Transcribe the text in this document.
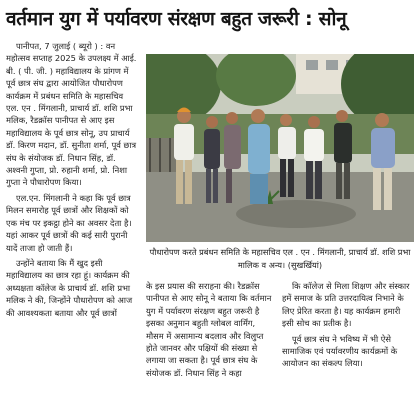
वर्तमान युग में पर्यावरण संरक्षण बहुत जरूरी : सोनू

पानीपत, 7 जुलाई ( ब्यूरो ) : वन महोत्सव सप्ताह 2025 के उपलक्ष्य में आई. बी. ( पी. जी. ) महाविद्यालय के प्रांगण में पूर्व छात्र संघ द्वारा आयोजित पौधारोपण कार्यक्रम में प्रबंधन समिति के महासचिव एल. एन . मिंगलानी, प्राचार्य डॉ. शशि प्रभा मलिक, रैडक्रॉस पानीपत से आए इस महाविद्यालय के पूर्व छात्र सोनू, उप प्राचार्य डॉ. किरण मदान, डॉ. सुनीता शर्मा, पूर्व छात्र संघ के संयोजक डॉ. निधान सिंह, डॉ. अश्वनी गुप्ता, प्रो. रुहानी शर्मा, प्रो. निशा गुप्ता ने पौधारोपण किया।

एल.एन. मिंगलानी ने कहा कि पूर्व छात्र मिलन समारोह पूर्व छात्रों और शिक्षकों को एक मंच पर इकट्ठा होने का अवसर देता है। यहां आकर पूर्व छात्रों की कई सारी पुरानी यादें ताजा हो जाती हैं।

उन्होंने बताया कि मैं खुद इसी महाविद्यालय का छात्र रहा हूं। कार्यक्रम की अध्यक्षता कॉलेज के प्राचार्य डॉ. शशि प्रभा मलिक ने की, जिन्होंने पौधारोपण को आज की आवश्यकता बताया और पूर्व छात्रों

पौधारोपण करते प्रबंधन समिति के महासचिव एल . एन . मिंगलानी, प्राचार्य डॉ. शशि प्रभा मालिक व अन्य। (सुखर्खियां)
के इस प्रयास की सराहना की। रैडक्रॉस पानीपत से आए सोनू ने बताया कि वर्तमान युग में पर्यावरण संरक्षण बहुत जरूरी है इसका अनुमान बहुती ग्लोबल वार्मिंग, मौसम में असामान्य बदलाव और विलुप्त होते जानवर और पक्षियों की संख्या से लगाया जा सकता है। पूर्व छात्र संघ के संयोजक डॉ. निधान सिंह ने कहा

कि कॉलेज से मिला शिक्षण और संस्कार हमें समाज के प्रति उत्तरदायित्व निभाने के लिए प्रेरित करता है। यह कार्यक्रम हमारी इसी सोच का प्रतीक है।

पूर्व छात्र संघ ने भविष्य में भी ऐसे सामाजिक एवं पर्यावरणीय कार्यक्रमों के आयोजन का संकल्प लिया।
